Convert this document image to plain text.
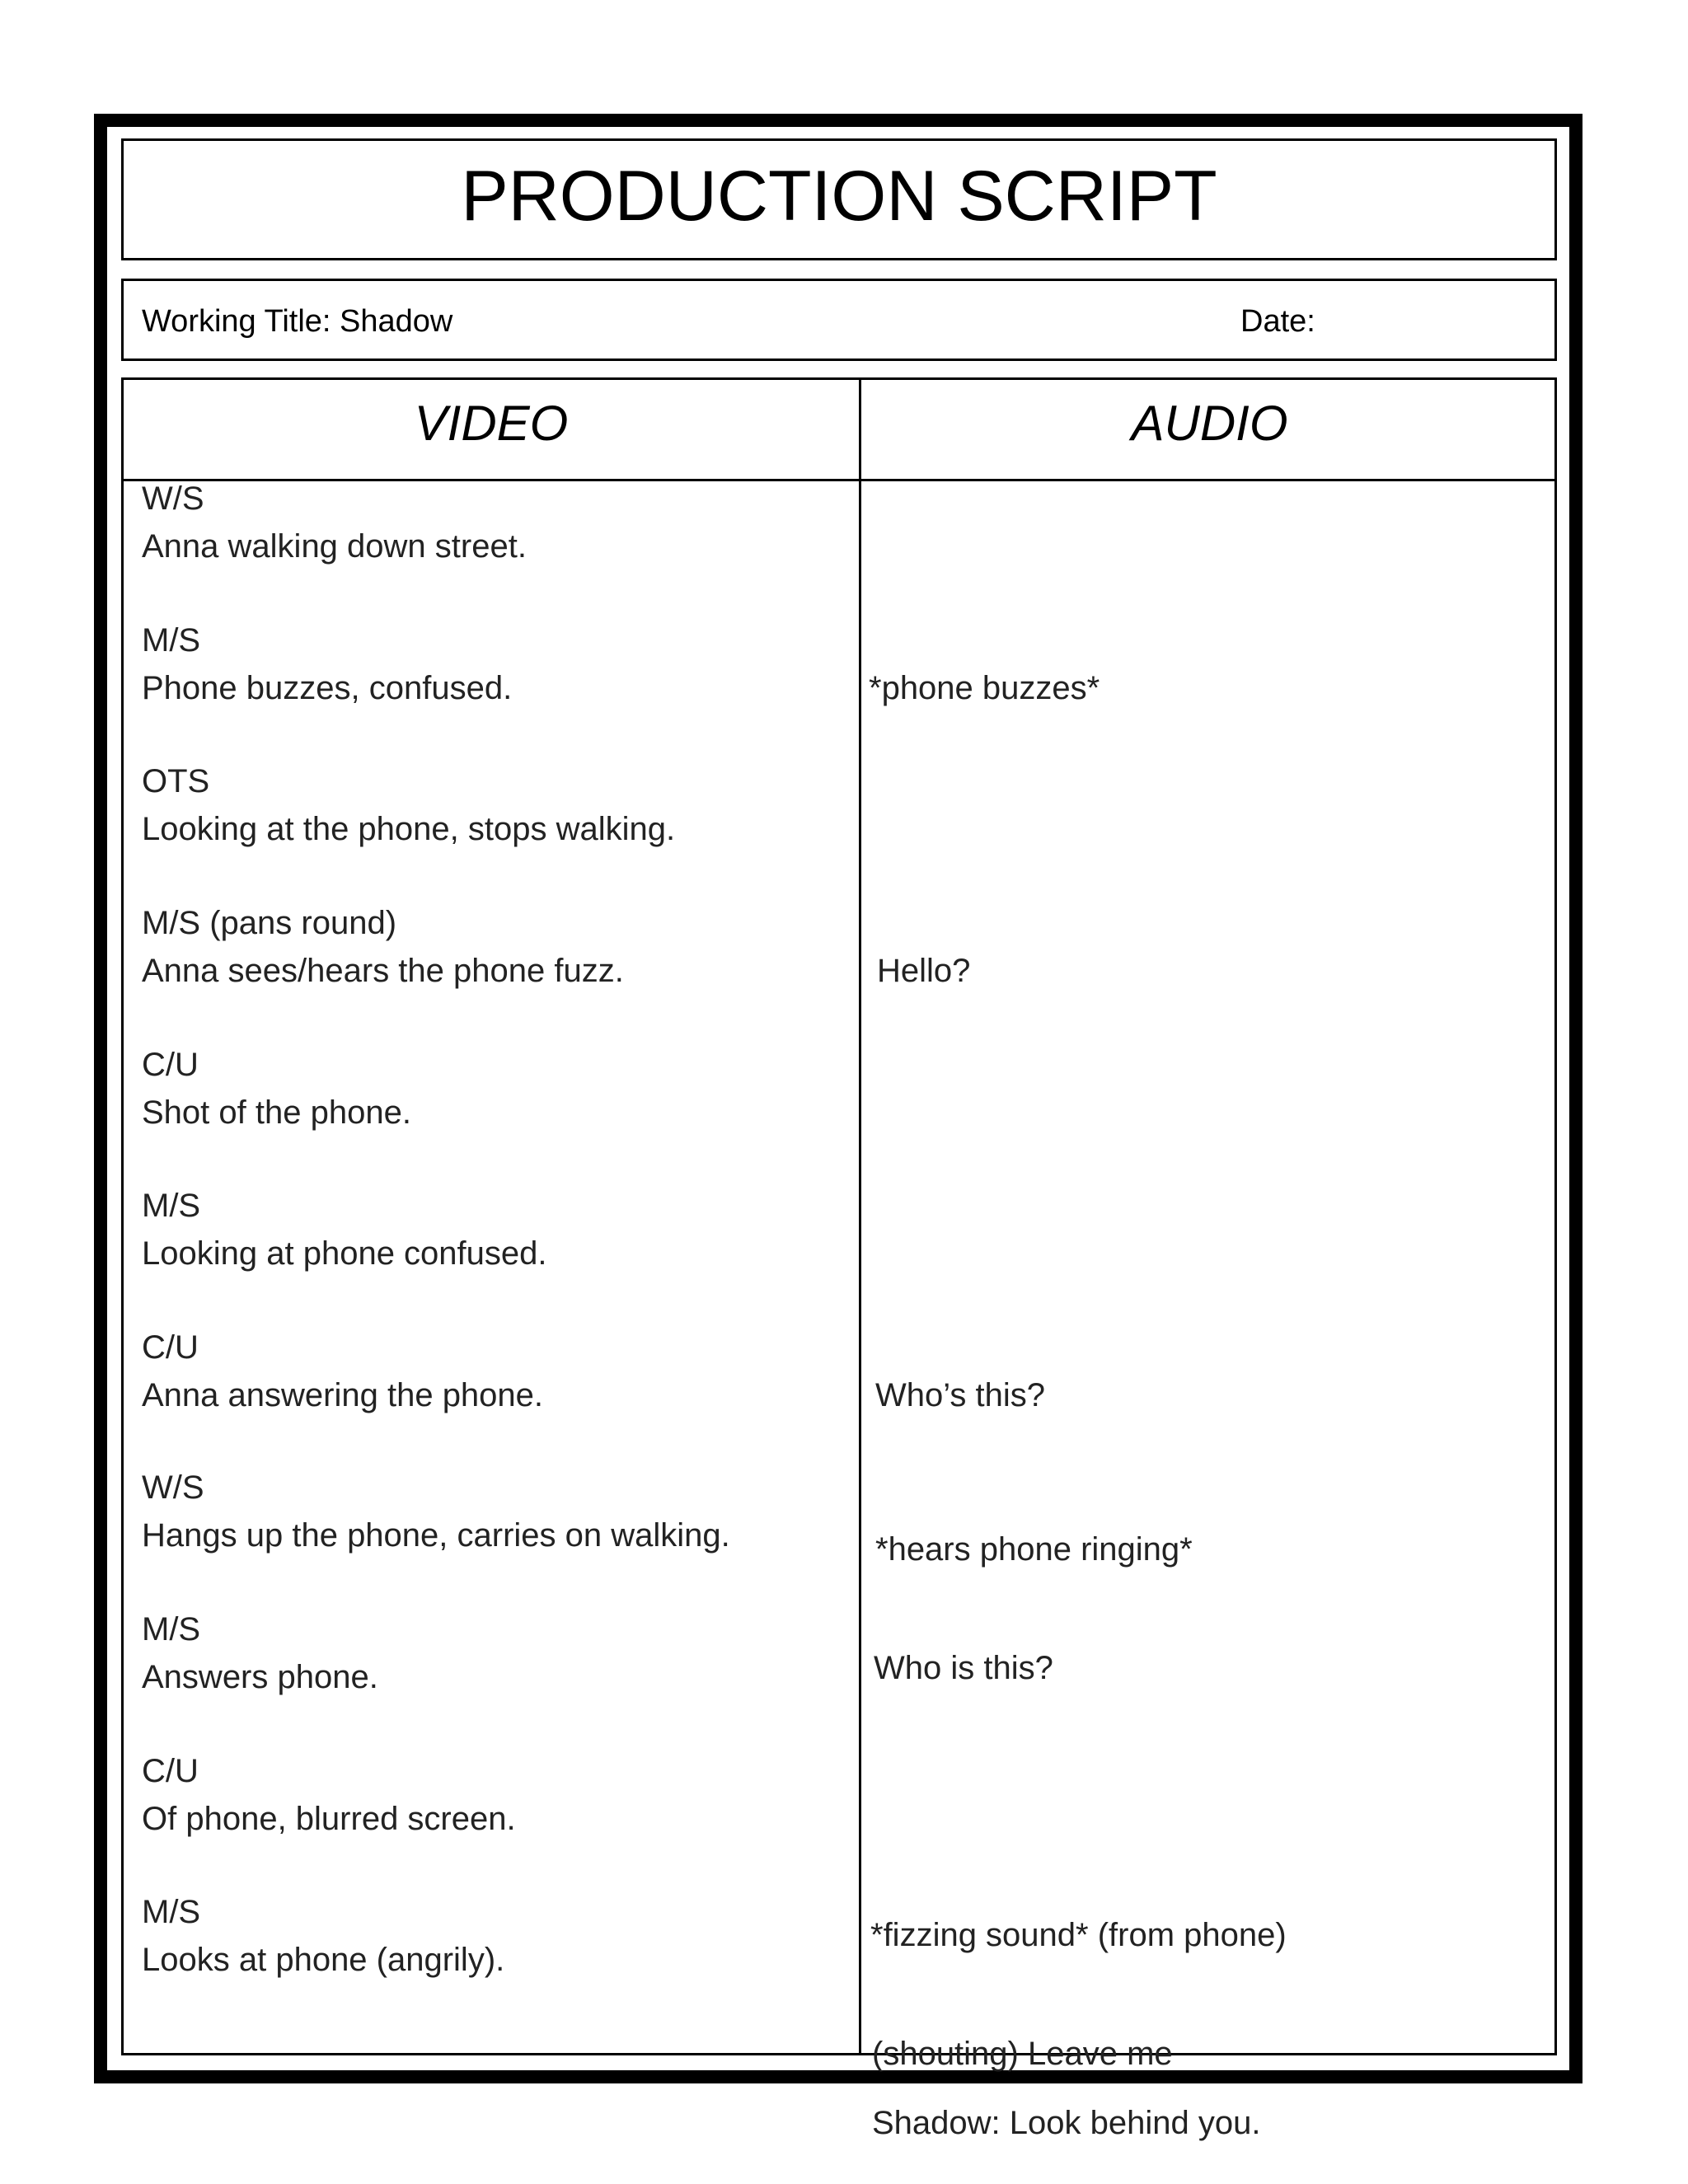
PRODUCTION SCRIPT
Working Title: Shadow	Date:
VIDEO	AUDIO
W/S
Anna walking down street.
M/S
Phone buzzes, confused.
OTS
Looking at the phone, stops walking.
M/S (pans round)
Anna sees/hears the phone fuzz.
C/U
Shot of the phone.
M/S
Looking at phone confused.
C/U
Anna answering the phone.
W/S
Hangs up the phone, carries on walking.
M/S
Answers phone.
C/U
Of phone, blurred screen.
M/S
Looks at phone (angrily).
*phone buzzes*
Hello?
Who’s this?
*hears phone ringing*
Who is this?
*fizzing sound* (from phone)
(shouting) Leave me
Shadow: Look behind you.
